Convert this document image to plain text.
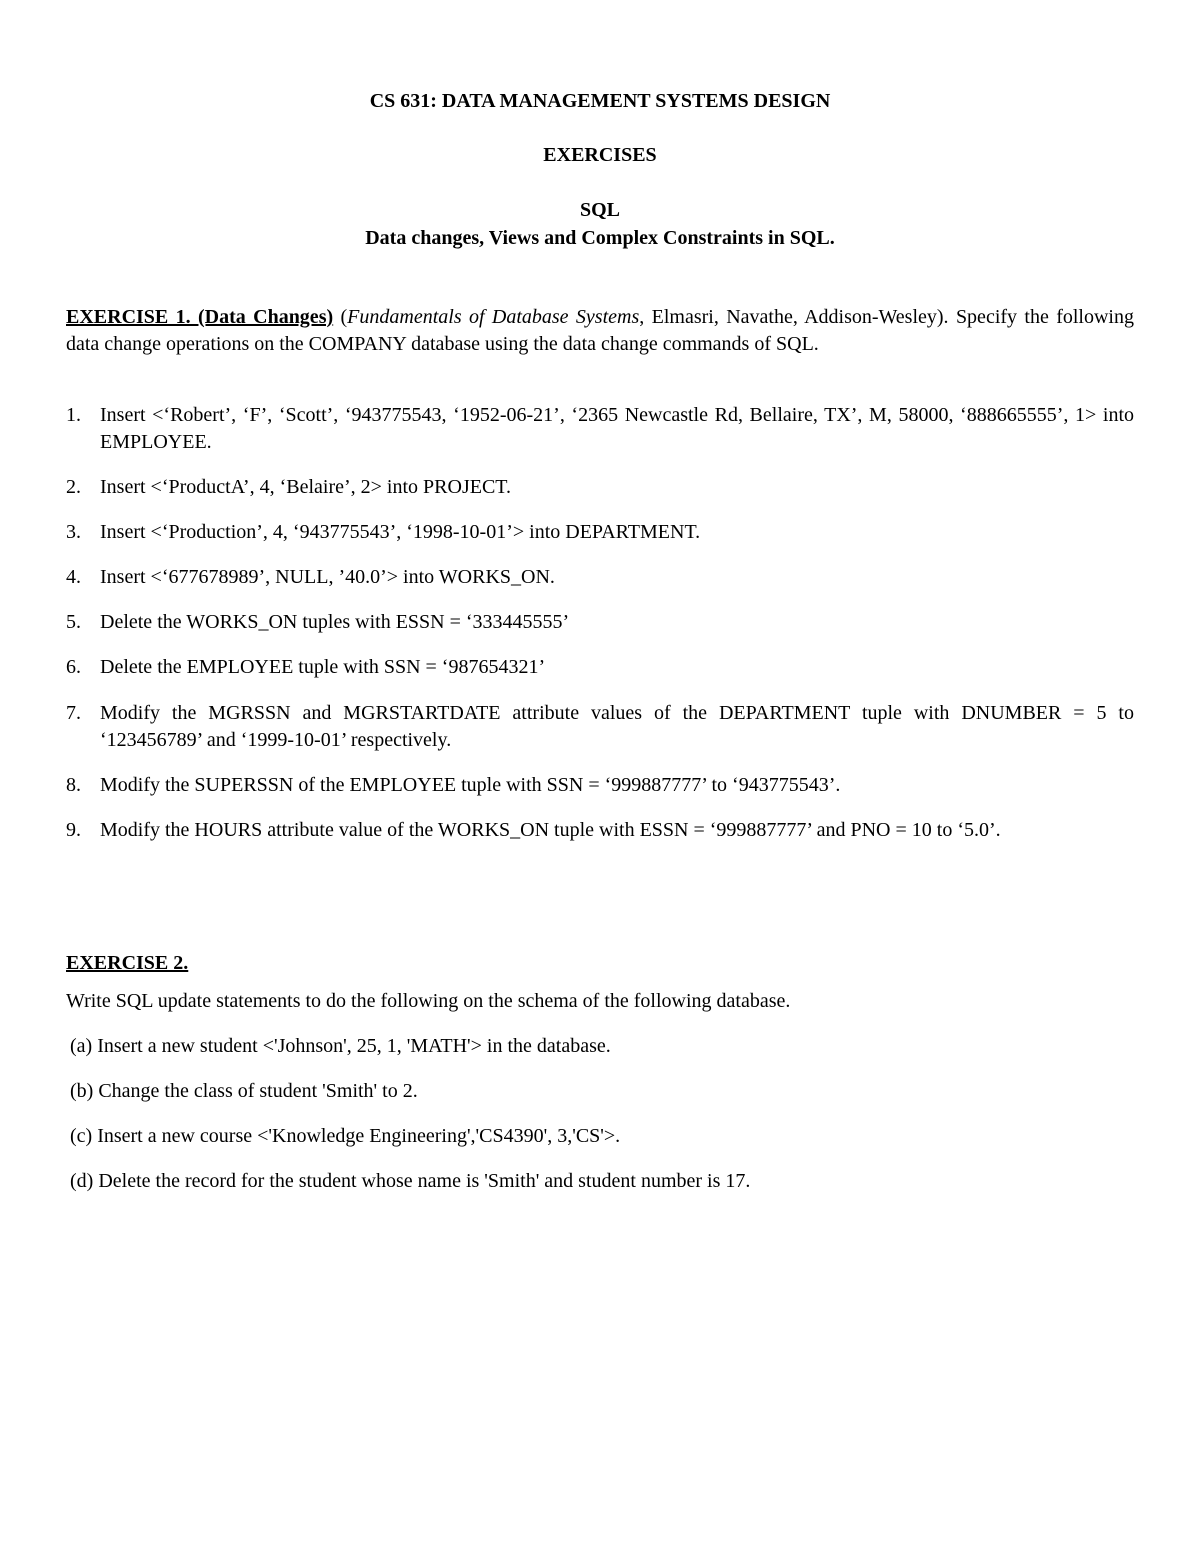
CS 631: DATA MANAGEMENT SYSTEMS DESIGN
EXERCISES
SQL
Data changes, Views and Complex Constraints in SQL.
EXERCISE 1. (Data Changes) (Fundamentals of Database Systems, Elmasri, Navathe, Addison-Wesley). Specify the following data change operations on the COMPANY database using the data change commands of SQL.
1. Insert <‘Robert’, ‘F’, ‘Scott’, ‘943775543, ‘1952-06-21’, ‘2365 Newcastle Rd, Bellaire, TX’, M, 58000, ‘888665555’, 1> into EMPLOYEE.
2. Insert <‘ProductA’, 4, ‘Belaire’, 2> into PROJECT.
3. Insert <‘Production’, 4, ‘943775543’, ‘1998-10-01’> into DEPARTMENT.
4. Insert <‘677678989’, NULL, ’40.0’> into WORKS_ON.
5. Delete the WORKS_ON tuples with ESSN = ‘333445555’
6. Delete the EMPLOYEE tuple with SSN = ‘987654321’
7. Modify the MGRSSN and MGRSTARTDATE attribute values of the DEPARTMENT tuple with DNUMBER = 5 to ‘123456789’ and ‘1999-10-01’ respectively.
8. Modify the SUPERSSN of the EMPLOYEE tuple with SSN = ‘999887777’ to ‘943775543’.
9. Modify the HOURS attribute value of the WORKS_ON tuple with ESSN = ‘999887777’ and PNO = 10 to ‘5.0’.
EXERCISE 2.
Write SQL update statements to do the following on the schema of the following database.
(a) Insert a new student <'Johnson', 25, 1, 'MATH'> in the database.
(b) Change the class of student 'Smith' to 2.
(c) Insert a new course <'Knowledge Engineering','CS4390', 3,'CS'>.
(d) Delete the record for the student whose name is 'Smith' and student number is 17.
